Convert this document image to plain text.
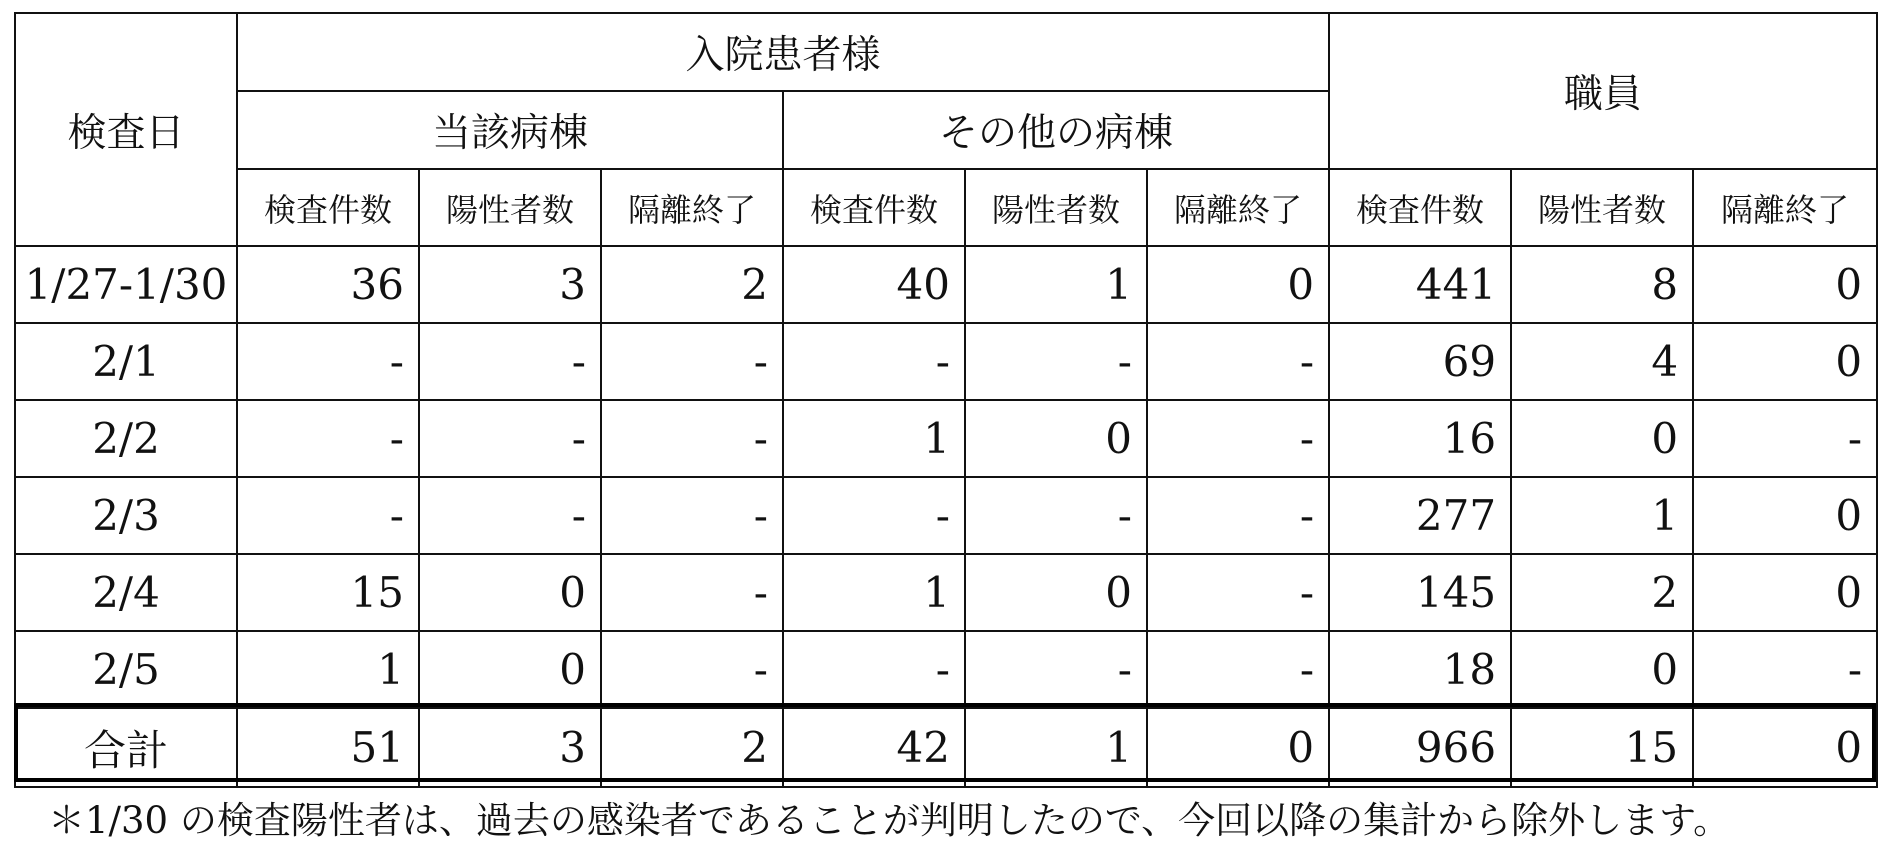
検査日	入院患者様						職員		
	当該病棟			その他の病棟					
	検査件数	陽性者数	隔離終了	検査件数	陽性者数	隔離終了	検査件数	陽性者数	隔離終了
1/27-1/30	36	3	2	40	1	0	441	8	0
2/1	-	-	-	-	-	-	69	4	0
2/2	-	-	-	1	0	-	16	0	-
2/3	-	-	-	-	-	-	277	1	0
2/4	15	0	-	1	0	-	145	2	0
2/5	1	0	-	-	-	-	18	0	-
合計	51	3	2	42	1	0	966	15	0
＊1/30 の検査陽性者は、過去の感染者であることが判明したので、今回以降の集計から除外します。
